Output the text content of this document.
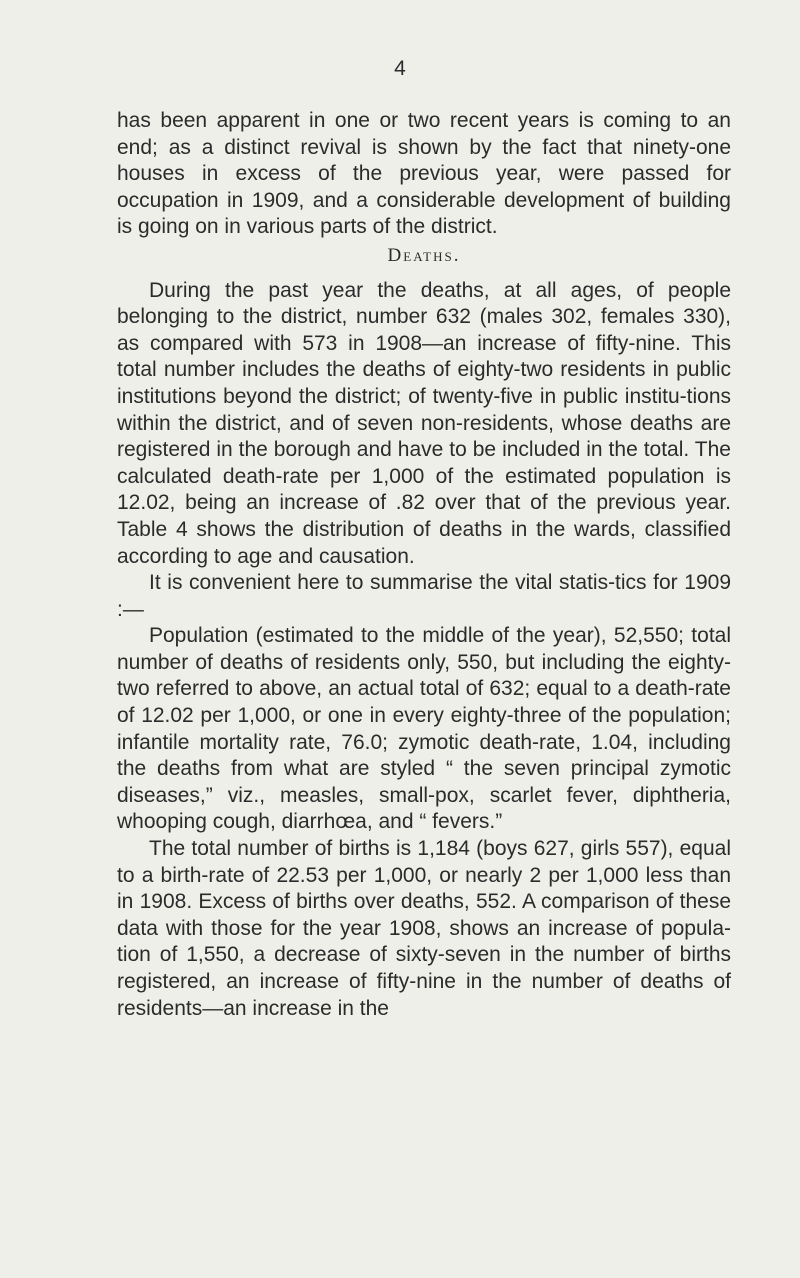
4

has been apparent in one or two recent years is coming to an end; as a distinct revival is shown by the fact that ninety-one houses in excess of the previous year, were passed for occupation in 1909, and a considerable development of building is going on in various parts of the district.

Deaths.

During the past year the deaths, at all ages, of people belonging to the district, number 632 (males 302, females 330), as compared with 573 in 1908—an increase of fifty-nine. This total number includes the deaths of eighty-two residents in public institutions beyond the district; of twenty-five in public institu-tions within the district, and of seven non-residents, whose deaths are registered in the borough and have to be included in the total. The calculated death-rate per 1,000 of the estimated population is 12.02, being an increase of .82 over that of the previous year. Table 4 shows the distribution of deaths in the wards, classified according to age and causation.

It is convenient here to summarise the vital statis-tics for 1909 :—

Population (estimated to the middle of the year), 52,550; total number of deaths of residents only, 550, but including the eighty-two referred to above, an actual total of 632; equal to a death-rate of 12.02 per 1,000, or one in every eighty-three of the population; infantile mortality rate, 76.0; zymotic death-rate, 1.04, including the deaths from what are styled “ the seven principal zymotic diseases,” viz., measles, small-pox, scarlet fever, diphtheria, whooping cough, diarrhœa, and “ fevers.”

The total number of births is 1,184 (boys 627, girls 557), equal to a birth-rate of 22.53 per 1,000, or nearly 2 per 1,000 less than in 1908. Excess of births over deaths, 552. A comparison of these data with those for the year 1908, shows an increase of popula-tion of 1,550, a decrease of sixty-seven in the number of births registered, an increase of fifty-nine in the number of deaths of residents—an increase in the
